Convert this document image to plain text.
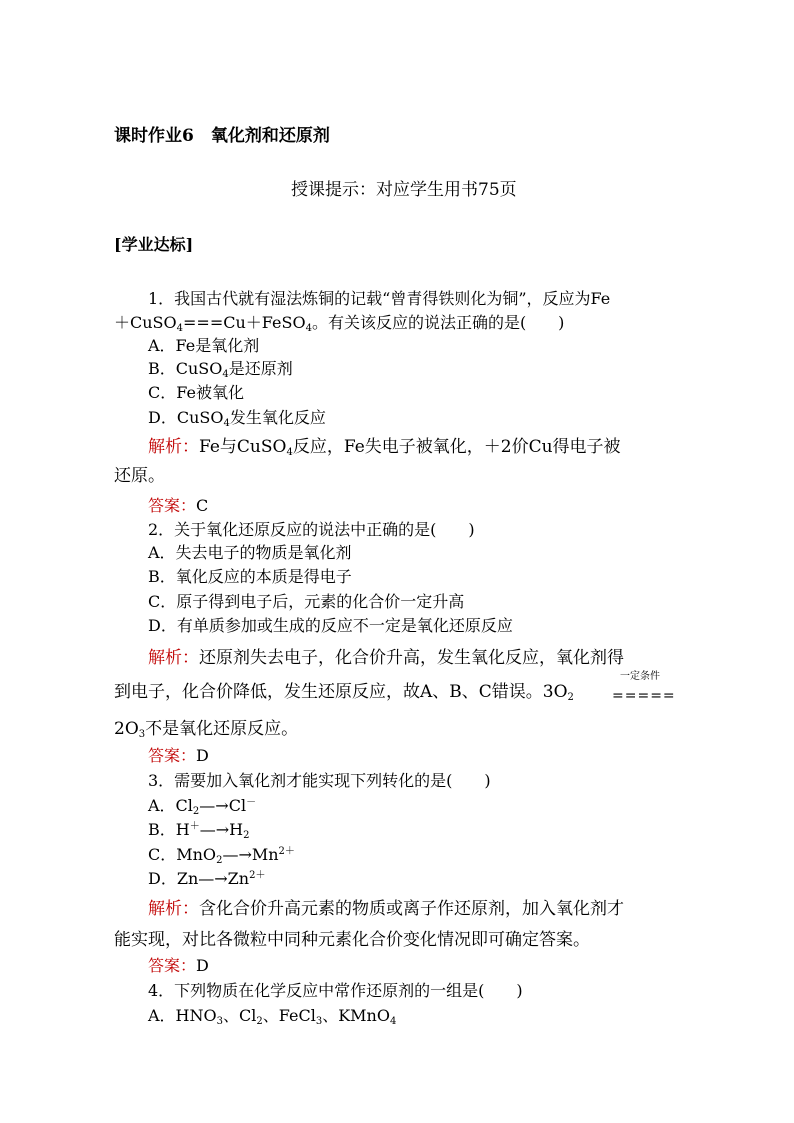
课时作业6　氧化剂和还原剂
授课提示：对应学生用书75页
[学业达标]
1．我国古代就有湿法炼铜的记载“曾青得铁则化为铜”，反应为Fe
＋CuSO$_4$===Cu＋FeSO$_4$。有关该反应的说法正确的是(　　)
A．Fe是氧化剂
B．CuSO$_4$是还原剂
C．Fe被氧化
D．CuSO$_4$发生氧化反应
解析：Fe与CuSO$_4$反应，Fe失电子被氧化，＋2价Cu得电子被
还原。
答案：C
2．关于氧化还原反应的说法中正确的是(　　)
A．失去电子的物质是氧化剂
B．氧化反应的本质是得电子
C．原子得到电子后，元素的化合价一定升高
D．有单质参加或生成的反应不一定是氧化还原反应
解析：还原剂失去电子，化合价升高，发生氧化反应，氧化剂得
到电子，化合价降低，发生还原反应，故A、B、C错误。$3O_2$
一定条件
=====
$2O_3$不是氧化还原反应。
答案：D
3．需要加入氧化剂才能实现下列转化的是(　　)
A．$Cl_2—\to Cl^-$
B．$H^+—\to H_2$
C．$MnO_2—\to Mn^{2+}$
D．$Zn—\to Zn^{2+}$
解析：含化合价升高元素的物质或离子作还原剂，加入氧化剂才
能实现，对比各微粒中同种元素化合价变化情况即可确定答案。
答案：D
4．下列物质在化学反应中常作还原剂的一组是(　　)
A．$HNO_3$、$Cl_2$、FeCl$_3$、KMnO$_4$
